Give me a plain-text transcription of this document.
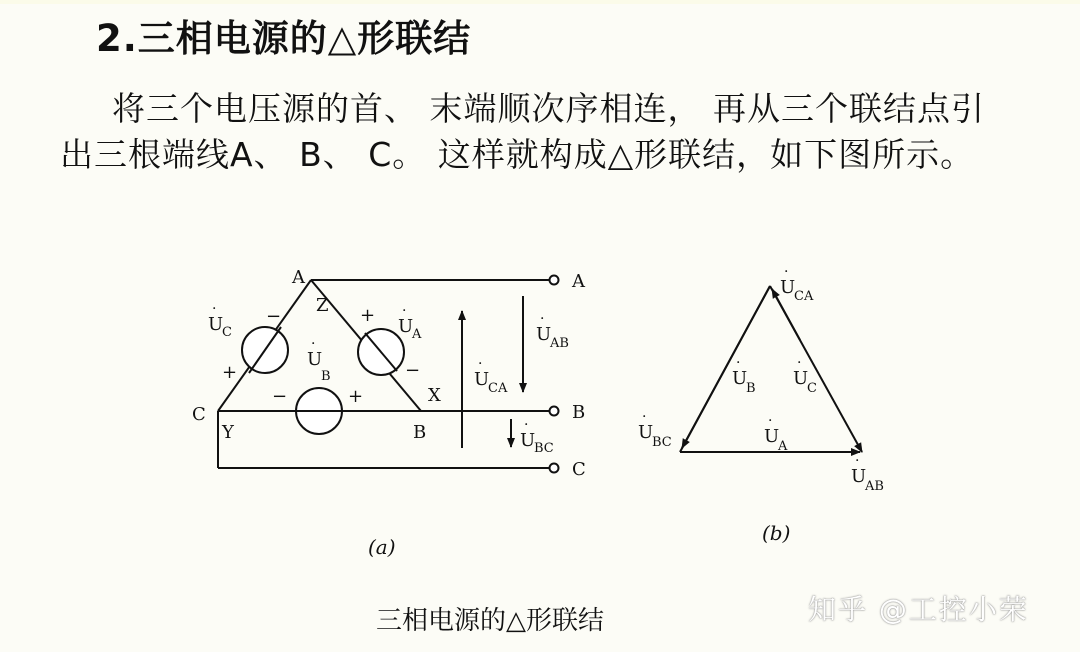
2.三相电源的△形联结
将三个电压源的首、 末端顺次序相连， 再从三个联结点引出三根端线A、 B、 C。 这样就构成△形联结，如下图所示。
A
Z
C
Y	B
X
A
B
C
U
·
C
−
+
U
·
A
+
−
U
·
B
−	+
U
·
AB
U
·
CA
U
·
BC
(a)
U
·
CA
U
·
B U
·
C
U
·
BC	U
·
A
U
·
AB
(b)
三相电源的△形联结	知乎 @工控小荣
